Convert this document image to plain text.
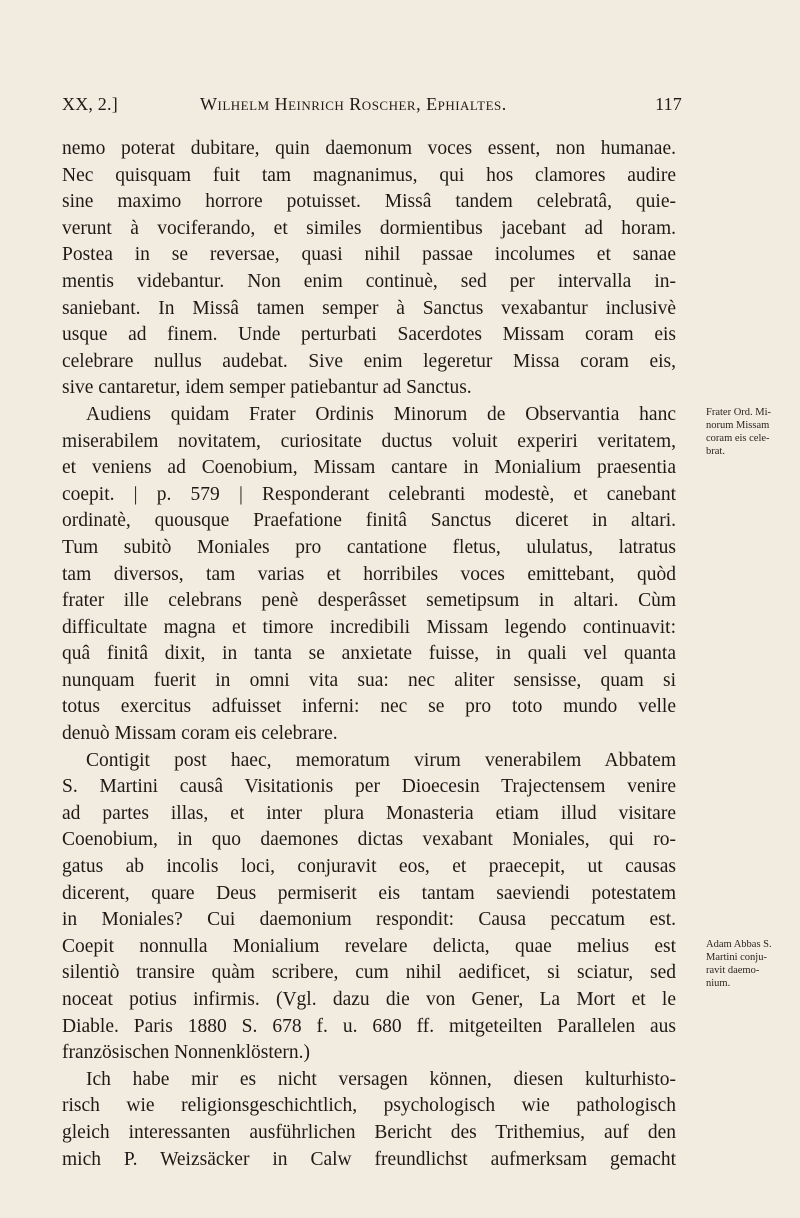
XX, 2.]	Wilhelm Heinrich Roscher, Ephialtes.	117
nemo poterat dubitare, quin daemonum voces essent, non humanae.
Nec quisquam fuit tam magnanimus, qui hos clamores audire
sine maximo horrore potuisset. Missâ tandem celebratâ, quie-
verunt à vociferando, et similes dormientibus jacebant ad horam.
Postea in se reversae, quasi nihil passae incolumes et sanae
mentis videbantur. Non enim continuè, sed per intervalla in-
saniebant. In Missâ tamen semper à Sanctus vexabantur inclusivè
usque ad finem. Unde perturbati Sacerdotes Missam coram eis
celebrare nullus audebat. Sive enim legeretur Missa coram eis,
sive cantaretur, idem semper patiebantur ad Sanctus.
Audiens quidam Frater Ordinis Minorum de Observantia hanc
miserabilem novitatem, curiositate ductus voluit experiri veritatem,
et veniens ad Coenobium, Missam cantare in Monialium praesentia
coepit. | p. 579 | Responderant celebranti modestè, et canebant
ordinatè, quousque Praefatione finitâ Sanctus diceret in altari.
Tum subitò Moniales pro cantatione fletus, ululatus, latratus
tam diversos, tam varias et horribiles voces emittebant, quòd
frater ille celebrans penè desperâsset semetipsum in altari. Cùm
difficultate magna et timore incredibili Missam legendo continuavit:
quâ finitâ dixit, in tanta se anxietate fuisse, in quali vel quanta
nunquam fuerit in omni vita sua: nec aliter sensisse, quam si
totus exercitus adfuisset inferni: nec se pro toto mundo velle
denuò Missam coram eis celebrare.
Contigit post haec, memoratum virum venerabilem Abbatem
S. Martini causâ Visitationis per Dioecesin Trajectensem venire
ad partes illas, et inter plura Monasteria etiam illud visitare
Coenobium, in quo daemones dictas vexabant Moniales, qui ro-
gatus ab incolis loci, conjuravit eos, et praecepit, ut causas
dicerent, quare Deus permiserit eis tantam saeviendi potestatem
in Moniales? Cui daemonium respondit: Causa peccatum est.
Coepit nonnulla Monialium revelare delicta, quae melius est
silentiò transire quàm scribere, cum nihil aedificet, si sciatur, sed
noceat potius infirmis. (Vgl. dazu die von Gener, La Mort et le
Diable. Paris 1880 S. 678 f. u. 680 ff. mitgeteilten Parallelen aus
französischen Nonnenklöstern.)
Ich habe mir es nicht versagen können, diesen kulturhisto-
risch wie religionsgeschichtlich, psychologisch wie pathologisch
gleich interessanten ausführlichen Bericht des Trithemius, auf den
mich P. Weizsäcker in Calw freundlichst aufmerksam gemacht
Frater Ord. Mi-
norum Missam
coram eis cele-
brat.
Adam Abbas S.
Martini conju-
ravit daemo-
nium.
